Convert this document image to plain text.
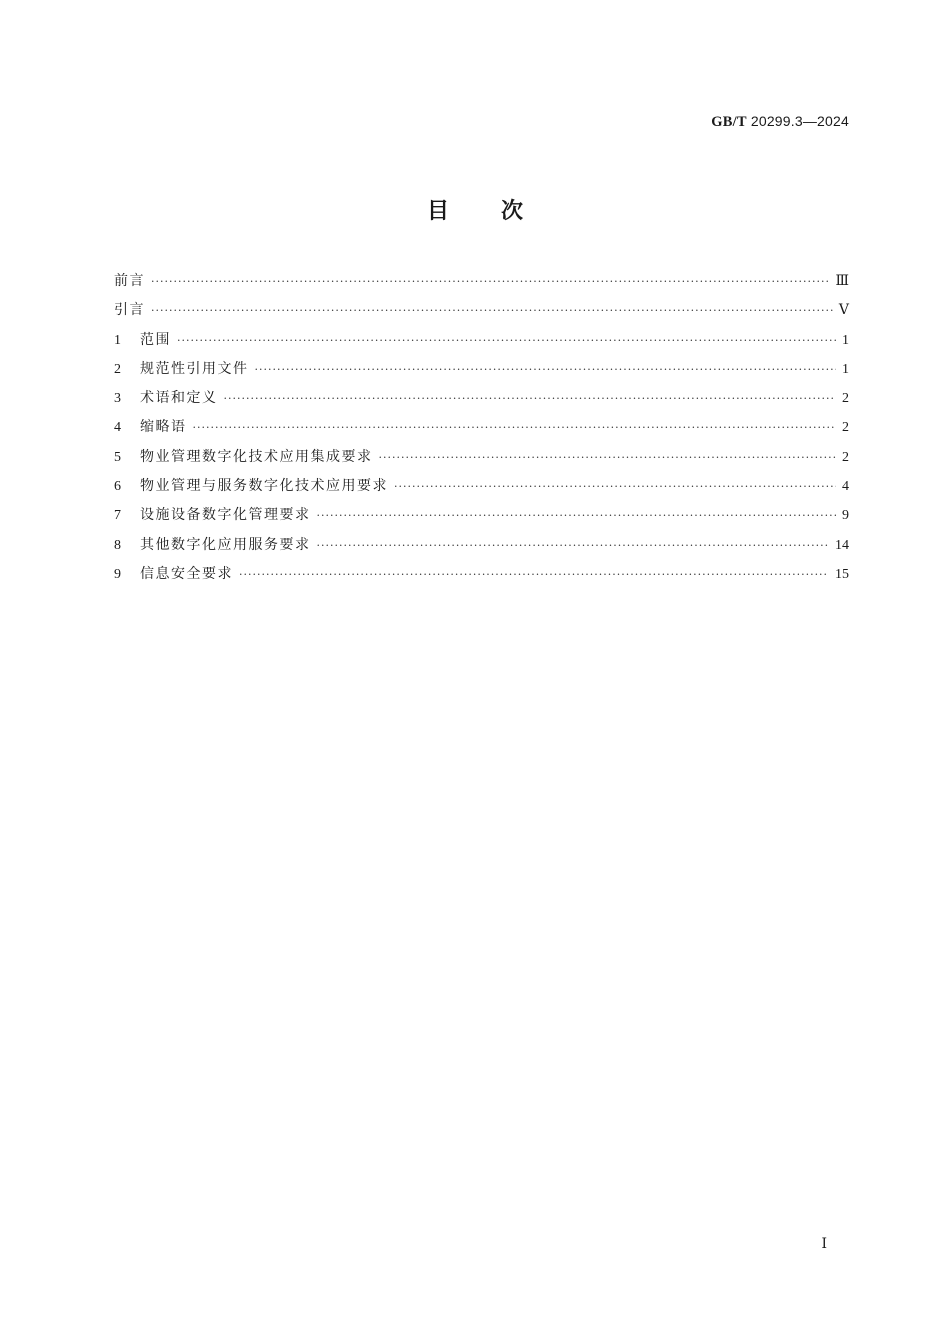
GB/T 20299.3—2024
目 次
前言 ·····	Ⅲ
引言 ·····	Ⅴ
1	范围 ·····	1
2	规范性引用文件 ·····	1
3	术语和定义 ·····	2
4	缩略语 ·····	2
5	物业管理数字化技术应用集成要求 ·····	2
6	物业管理与服务数字化技术应用要求 ·····	4
7	设施设备数字化管理要求 ·····	9
8	其他数字化应用服务要求 ·····	14
9	信息安全要求 ·····	15
Ⅰ
